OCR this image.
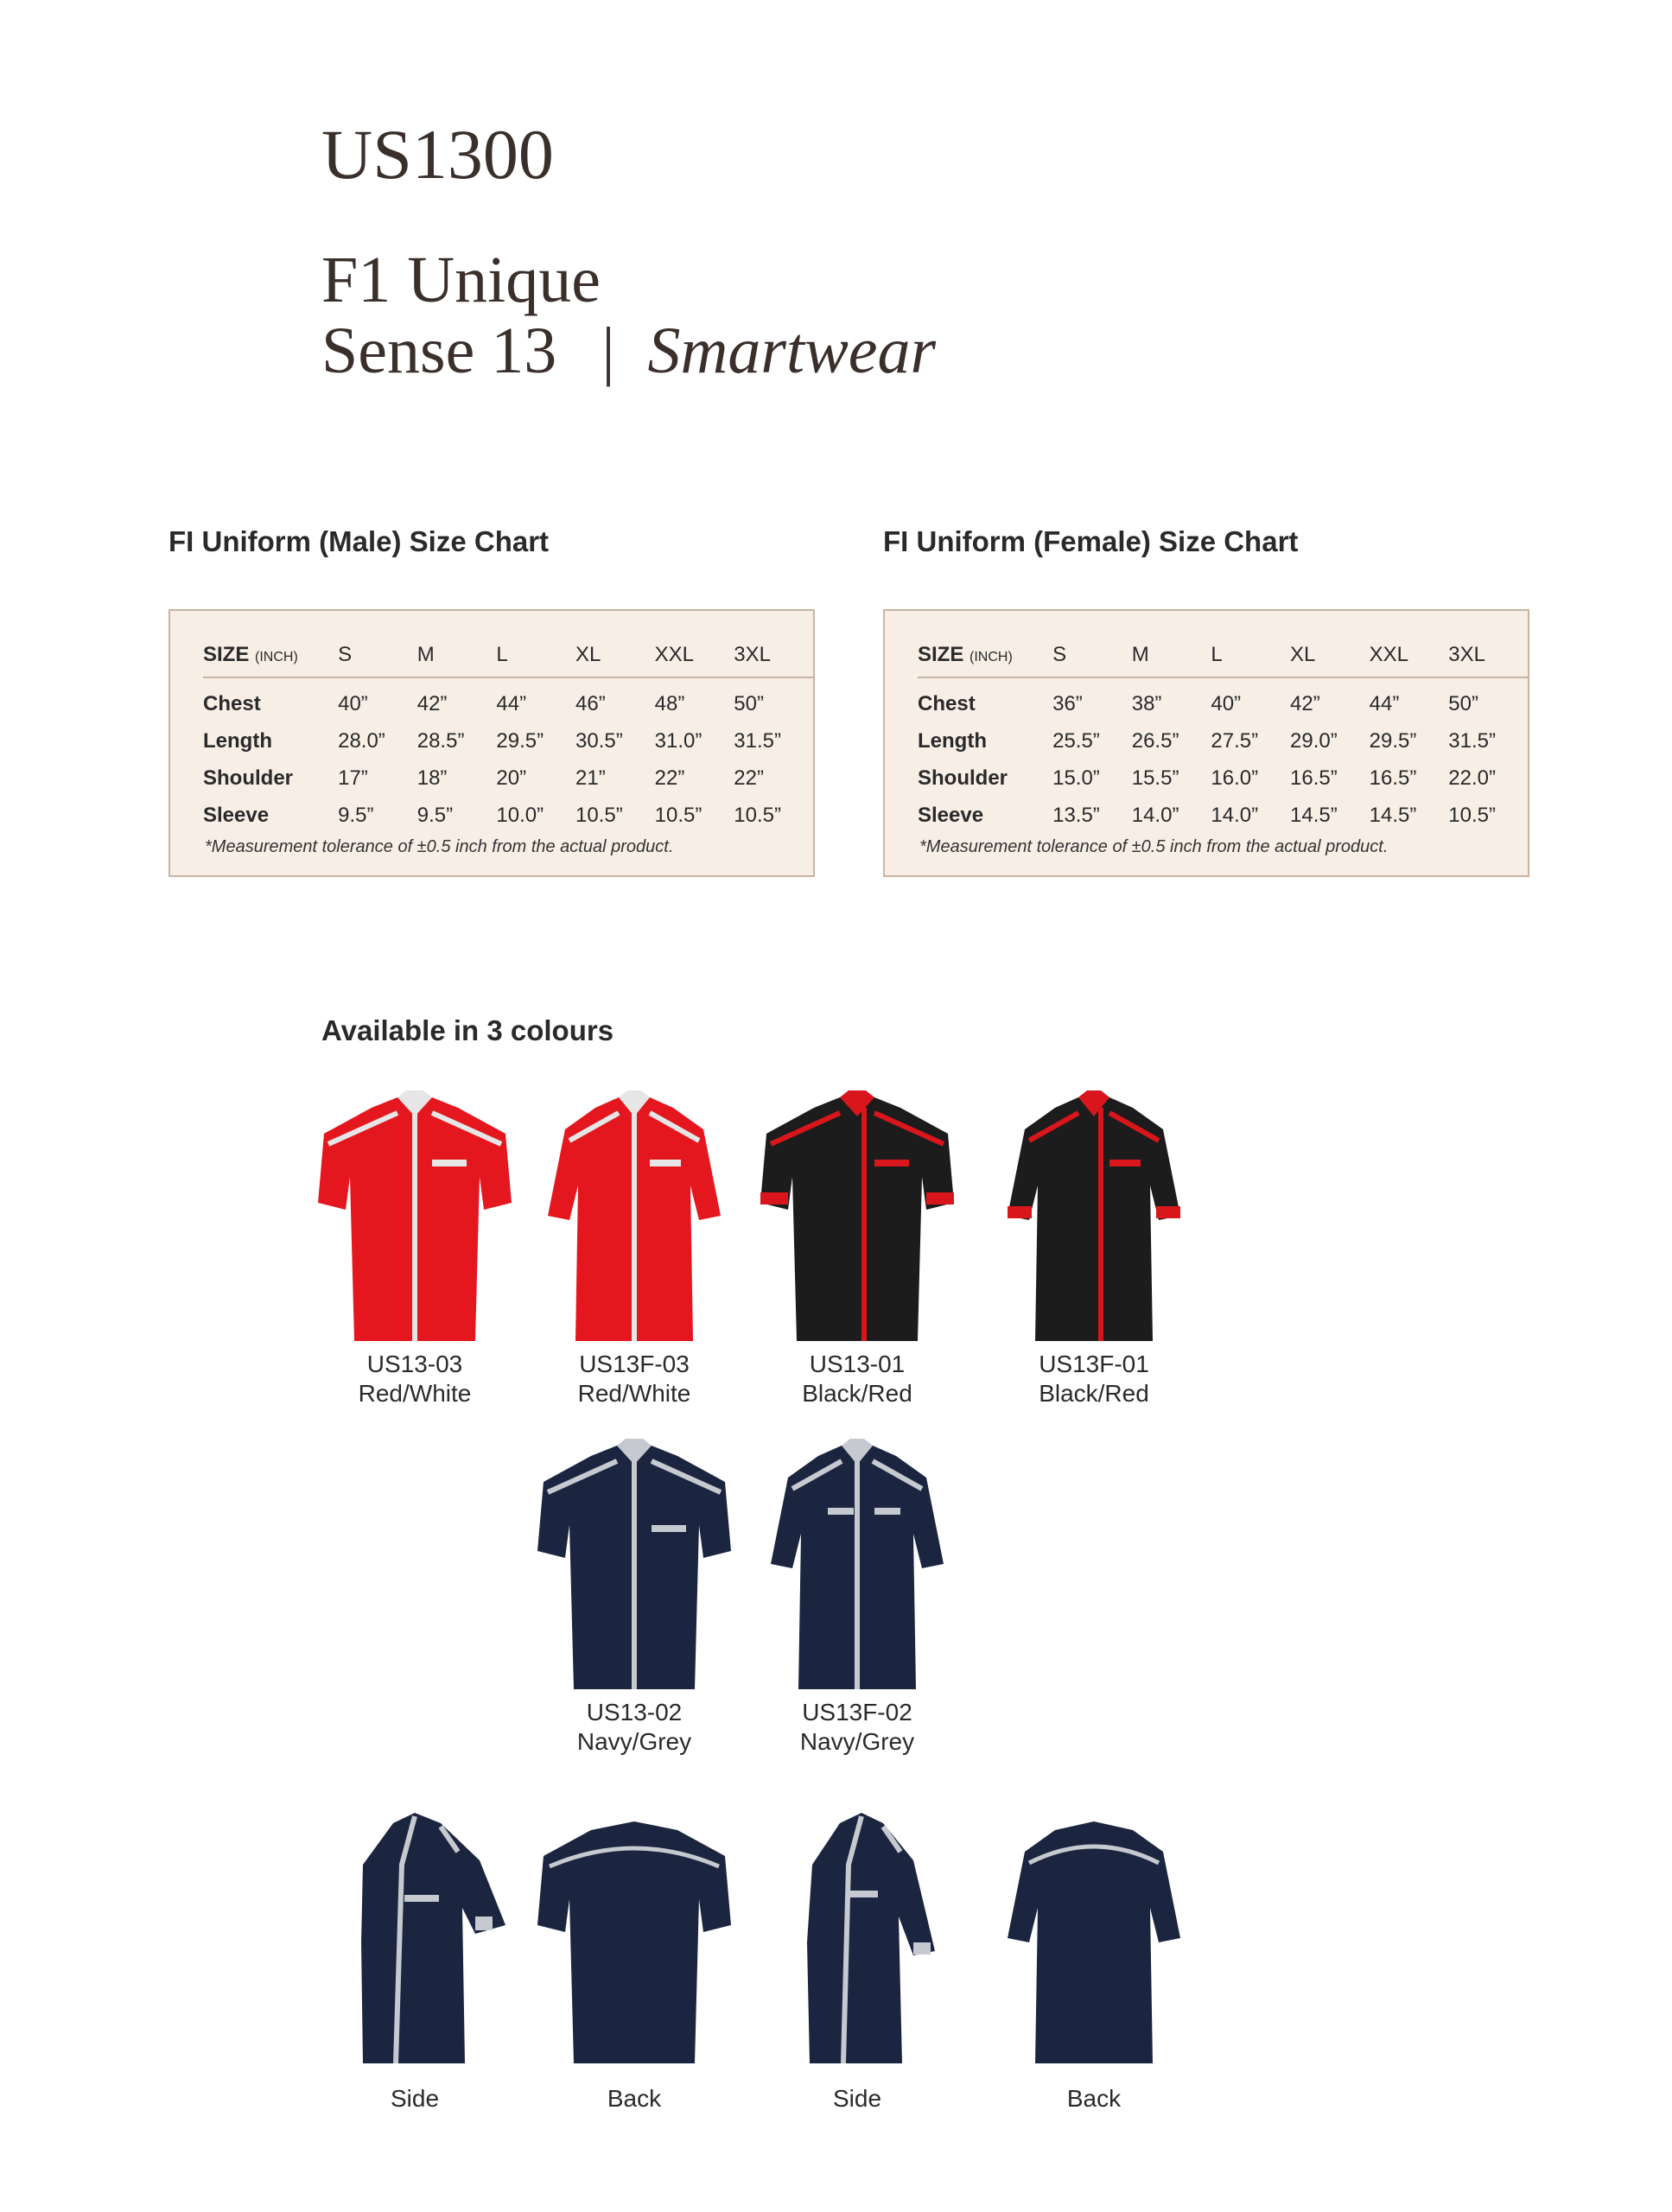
US1300
F1 Unique
Sense 13 | Smartwear
FI Uniform (Male) Size Chart
SIZE (INCH)	S	M	L	XL	XXL	3XL
Chest	40”	42”	44”	46”	48”	50”
Length	28.0”	28.5”	29.5”	30.5”	31.0”	31.5”
Shoulder	17”	18”	20”	21”	22”	22”
Sleeve	9.5”	9.5”	10.0”	10.5”	10.5”	10.5”
*Measurement tolerance of ±0.5 inch from the actual product.
FI Uniform (Female) Size Chart
SIZE (INCH)	S	M	L	XL	XXL	3XL
Chest	36”	38”	40”	42”	44”	50”
Length	25.5”	26.5”	27.5”	29.0”	29.5”	31.5”
Shoulder	15.0”	15.5”	16.0”	16.5”	16.5”	22.0”
Sleeve	13.5”	14.0”	14.0”	14.5”	14.5”	10.5”
*Measurement tolerance of ±0.5 inch from the actual product.
Available in 3 colours
US13-03
Red/White
US13F-03
Red/White
US13-01
Black/Red
US13F-01
Black/Red
US13-02
Navy/Grey
US13F-02
Navy/Grey
Side	Back	Side	Back
